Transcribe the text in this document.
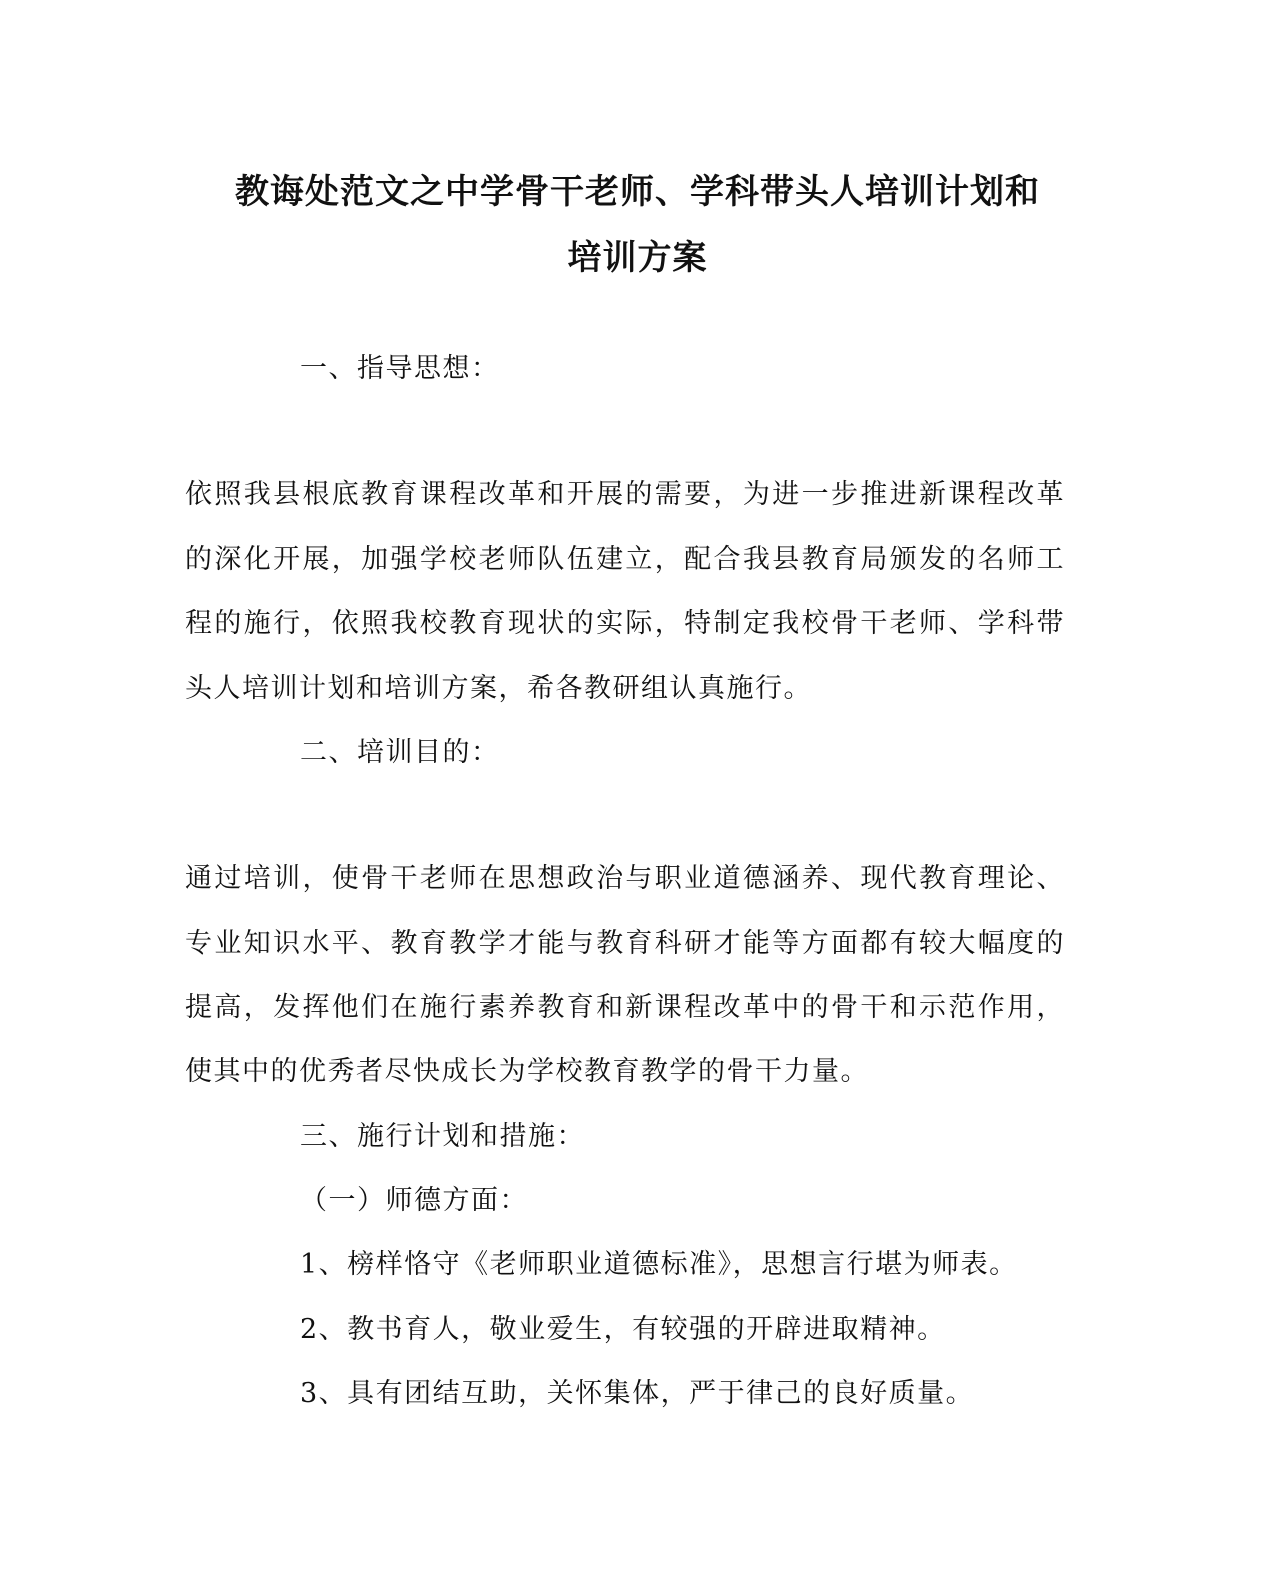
教诲处范文之中学骨干老师、学科带头人培训计划和
培训方案
一、指导思想：
依照我县根底教育课程改革和开展的需要，为进一步推进新课程改革
的深化开展，加强学校老师队伍建立，配合我县教育局颁发的名师工
程的施行，依照我校教育现状的实际，特制定我校骨干老师、学科带
头人培训计划和培训方案，希各教研组认真施行。
二、培训目的：
通过培训，使骨干老师在思想政治与职业道德涵养、现代教育理论、
专业知识水平、教育教学才能与教育科研才能等方面都有较大幅度的
提高，发挥他们在施行素养教育和新课程改革中的骨干和示范作用，
使其中的优秀者尽快成长为学校教育教学的骨干力量。
三、施行计划和措施：
（一）师德方面：
1、榜样恪守《老师职业道德标准》，思想言行堪为师表。
2、教书育人，敬业爱生，有较强的开辟进取精神。
3、具有团结互助，关怀集体，严于律己的良好质量。
